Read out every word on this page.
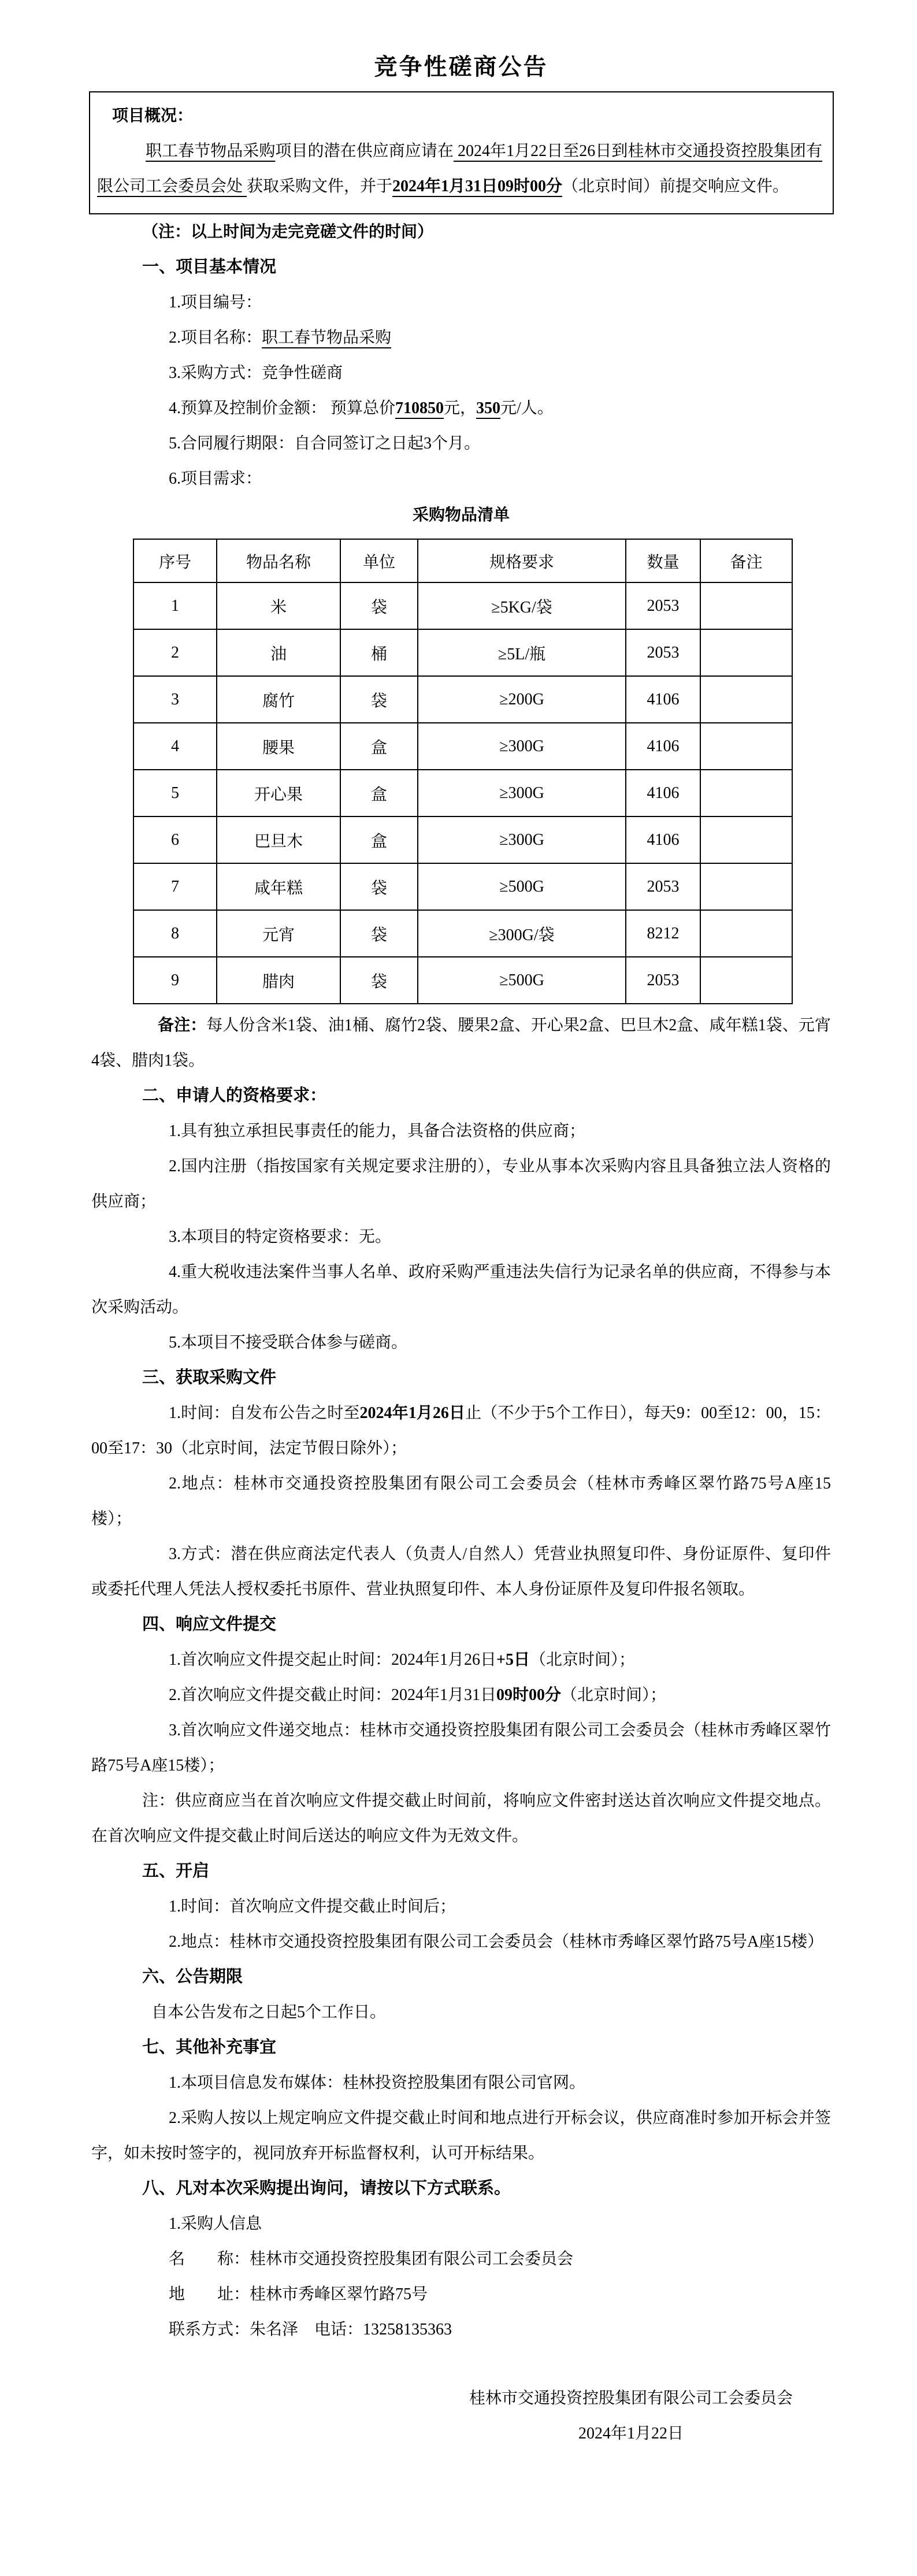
竞争性磋商公告

项目概况：

职工春节物品采购项目的潜在供应商应请在 2024年1月22日至26日到桂林市交通投资控股集团有限公司工会委员会处 获取采购文件，并于2024年1月31日09时00分（北京时间）前提交响应文件。

（注：以上时间为走完竞磋文件的时间）

一、项目基本情况

1.项目编号：

2.项目名称：职工春节物品采购

3.采购方式：竞争性磋商

4.预算及控制价金额： 预算总价710850元，350元/人。

5.合同履行期限：自合同签订之日起3个月。

6.项目需求：

采购物品清单

序号	物品名称	单位	规格要求	数量	备注
1	米	袋	≥5KG/袋	2053	
2	油	桶	≥5L/瓶	2053	
3	腐竹	袋	≥200G	4106	
4	腰果	盒	≥300G	4106	
5	开心果	盒	≥300G	4106	
6	巴旦木	盒	≥300G	4106	
7	咸年糕	袋	≥500G	2053	
8	元宵	袋	≥300G/袋	8212	
9	腊肉	袋	≥500G	2053	

备注：每人份含米1袋、油1桶、腐竹2袋、腰果2盒、开心果2盒、巴旦木2盒、咸年糕1袋、元宵4袋、腊肉1袋。

二、申请人的资格要求：

1.具有独立承担民事责任的能力，具备合法资格的供应商；

2.国内注册（指按国家有关规定要求注册的），专业从事本次采购内容且具备独立法人资格的供应商；

3.本项目的特定资格要求：无。

4.重大税收违法案件当事人名单、政府采购严重违法失信行为记录名单的供应商，不得参与本次采购活动。

5.本项目不接受联合体参与磋商。

三、获取采购文件

1.时间：自发布公告之时至2024年1月26日止（不少于5个工作日），每天9：00至12：00，15：00至17：30（北京时间，法定节假日除外）；

2.地点：桂林市交通投资控股集团有限公司工会委员会（桂林市秀峰区翠竹路75号A座15楼）；

3.方式：潜在供应商法定代表人（负责人/自然人）凭营业执照复印件、身份证原件、复印件或委托代理人凭法人授权委托书原件、营业执照复印件、本人身份证原件及复印件报名领取。

四、响应文件提交

1.首次响应文件提交起止时间：2024年1月26日+5日（北京时间）；

2.首次响应文件提交截止时间：2024年1月31日09时00分（北京时间）；

3.首次响应文件递交地点：桂林市交通投资控股集团有限公司工会委员会（桂林市秀峰区翠竹路75号A座15楼）；

注：供应商应当在首次响应文件提交截止时间前，将响应文件密封送达首次响应文件提交地点。在首次响应文件提交截止时间后送达的响应文件为无效文件。

五、开启

1.时间：首次响应文件提交截止时间后；

2.地点：桂林市交通投资控股集团有限公司工会委员会（桂林市秀峰区翠竹路75号A座15楼）

六、公告期限

自本公告发布之日起5个工作日。

七、其他补充事宜

1.本项目信息发布媒体：桂林投资控股集团有限公司官网。

2.采购人按以上规定响应文件提交截止时间和地点进行开标会议，供应商准时参加开标会并签字，如未按时签字的，视同放弃开标监督权利，认可开标结果。

八、凡对本次采购提出询问，请按以下方式联系。

1.采购人信息

名　　称：桂林市交通投资控股集团有限公司工会委员会

地　　址：桂林市秀峰区翠竹路75号

联系方式：朱名泽　电话：13258135363

桂林市交通投资控股集团有限公司工会委员会

2024年1月22日
